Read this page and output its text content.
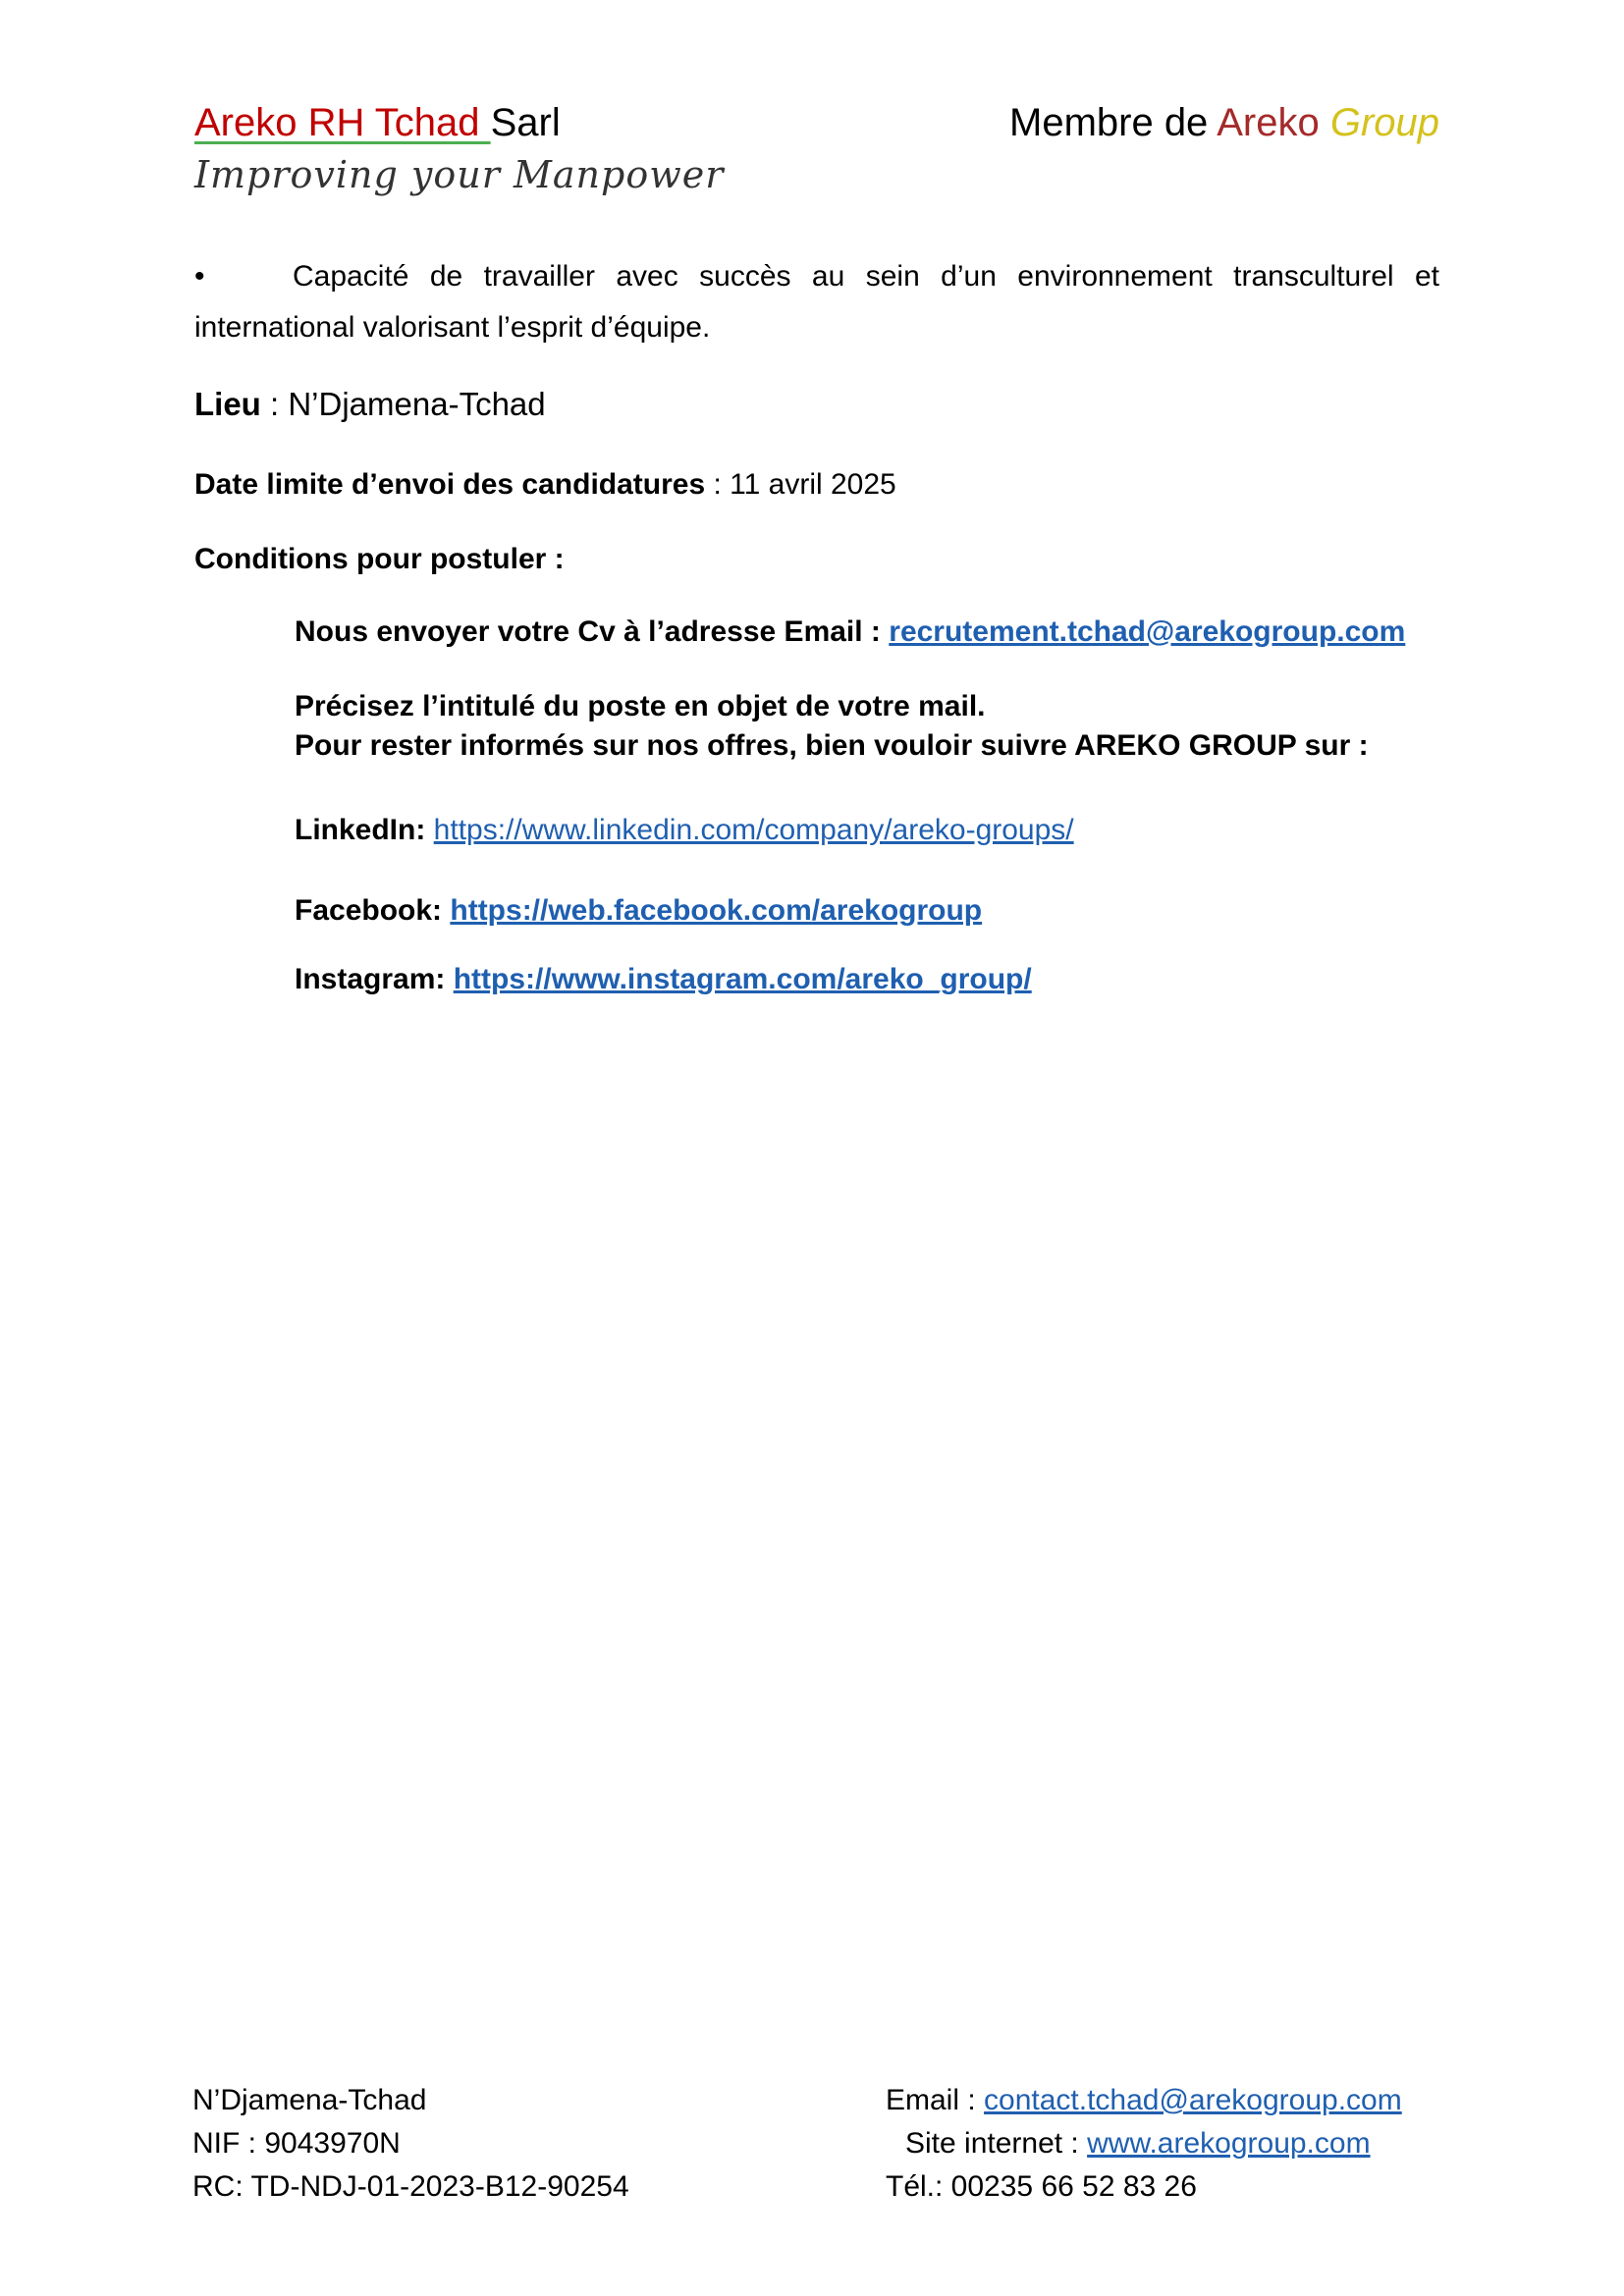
Areko RH Tchad Sarl
Improving your Manpower
Membre de Areko Group
•	Capacité de travailler avec succès au sein d’un environnement transculturel et international valorisant l’esprit d’équipe.
Lieu : N’Djamena-Tchad
Date limite d’envoi des candidatures : 11 avril 2025
Conditions pour postuler :
Nous envoyer votre Cv à l’adresse Email : recrutement.tchad@arekogroup.com
Précisez l’intitulé du poste en objet de votre mail.
Pour rester informés sur nos offres, bien vouloir suivre AREKO GROUP sur :
LinkedIn: https://www.linkedin.com/company/areko-groups/
Facebook: https://web.facebook.com/arekogroup
Instagram: https://www.instagram.com/areko_group/
N’Djamena-Tchad
NIF : 9043970N
RC: TD-NDJ-01-2023-B12-90254
Email : contact.tchad@arekogroup.com
Site internet : www.arekogroup.com
Tél.: 00235 66 52 83 26
